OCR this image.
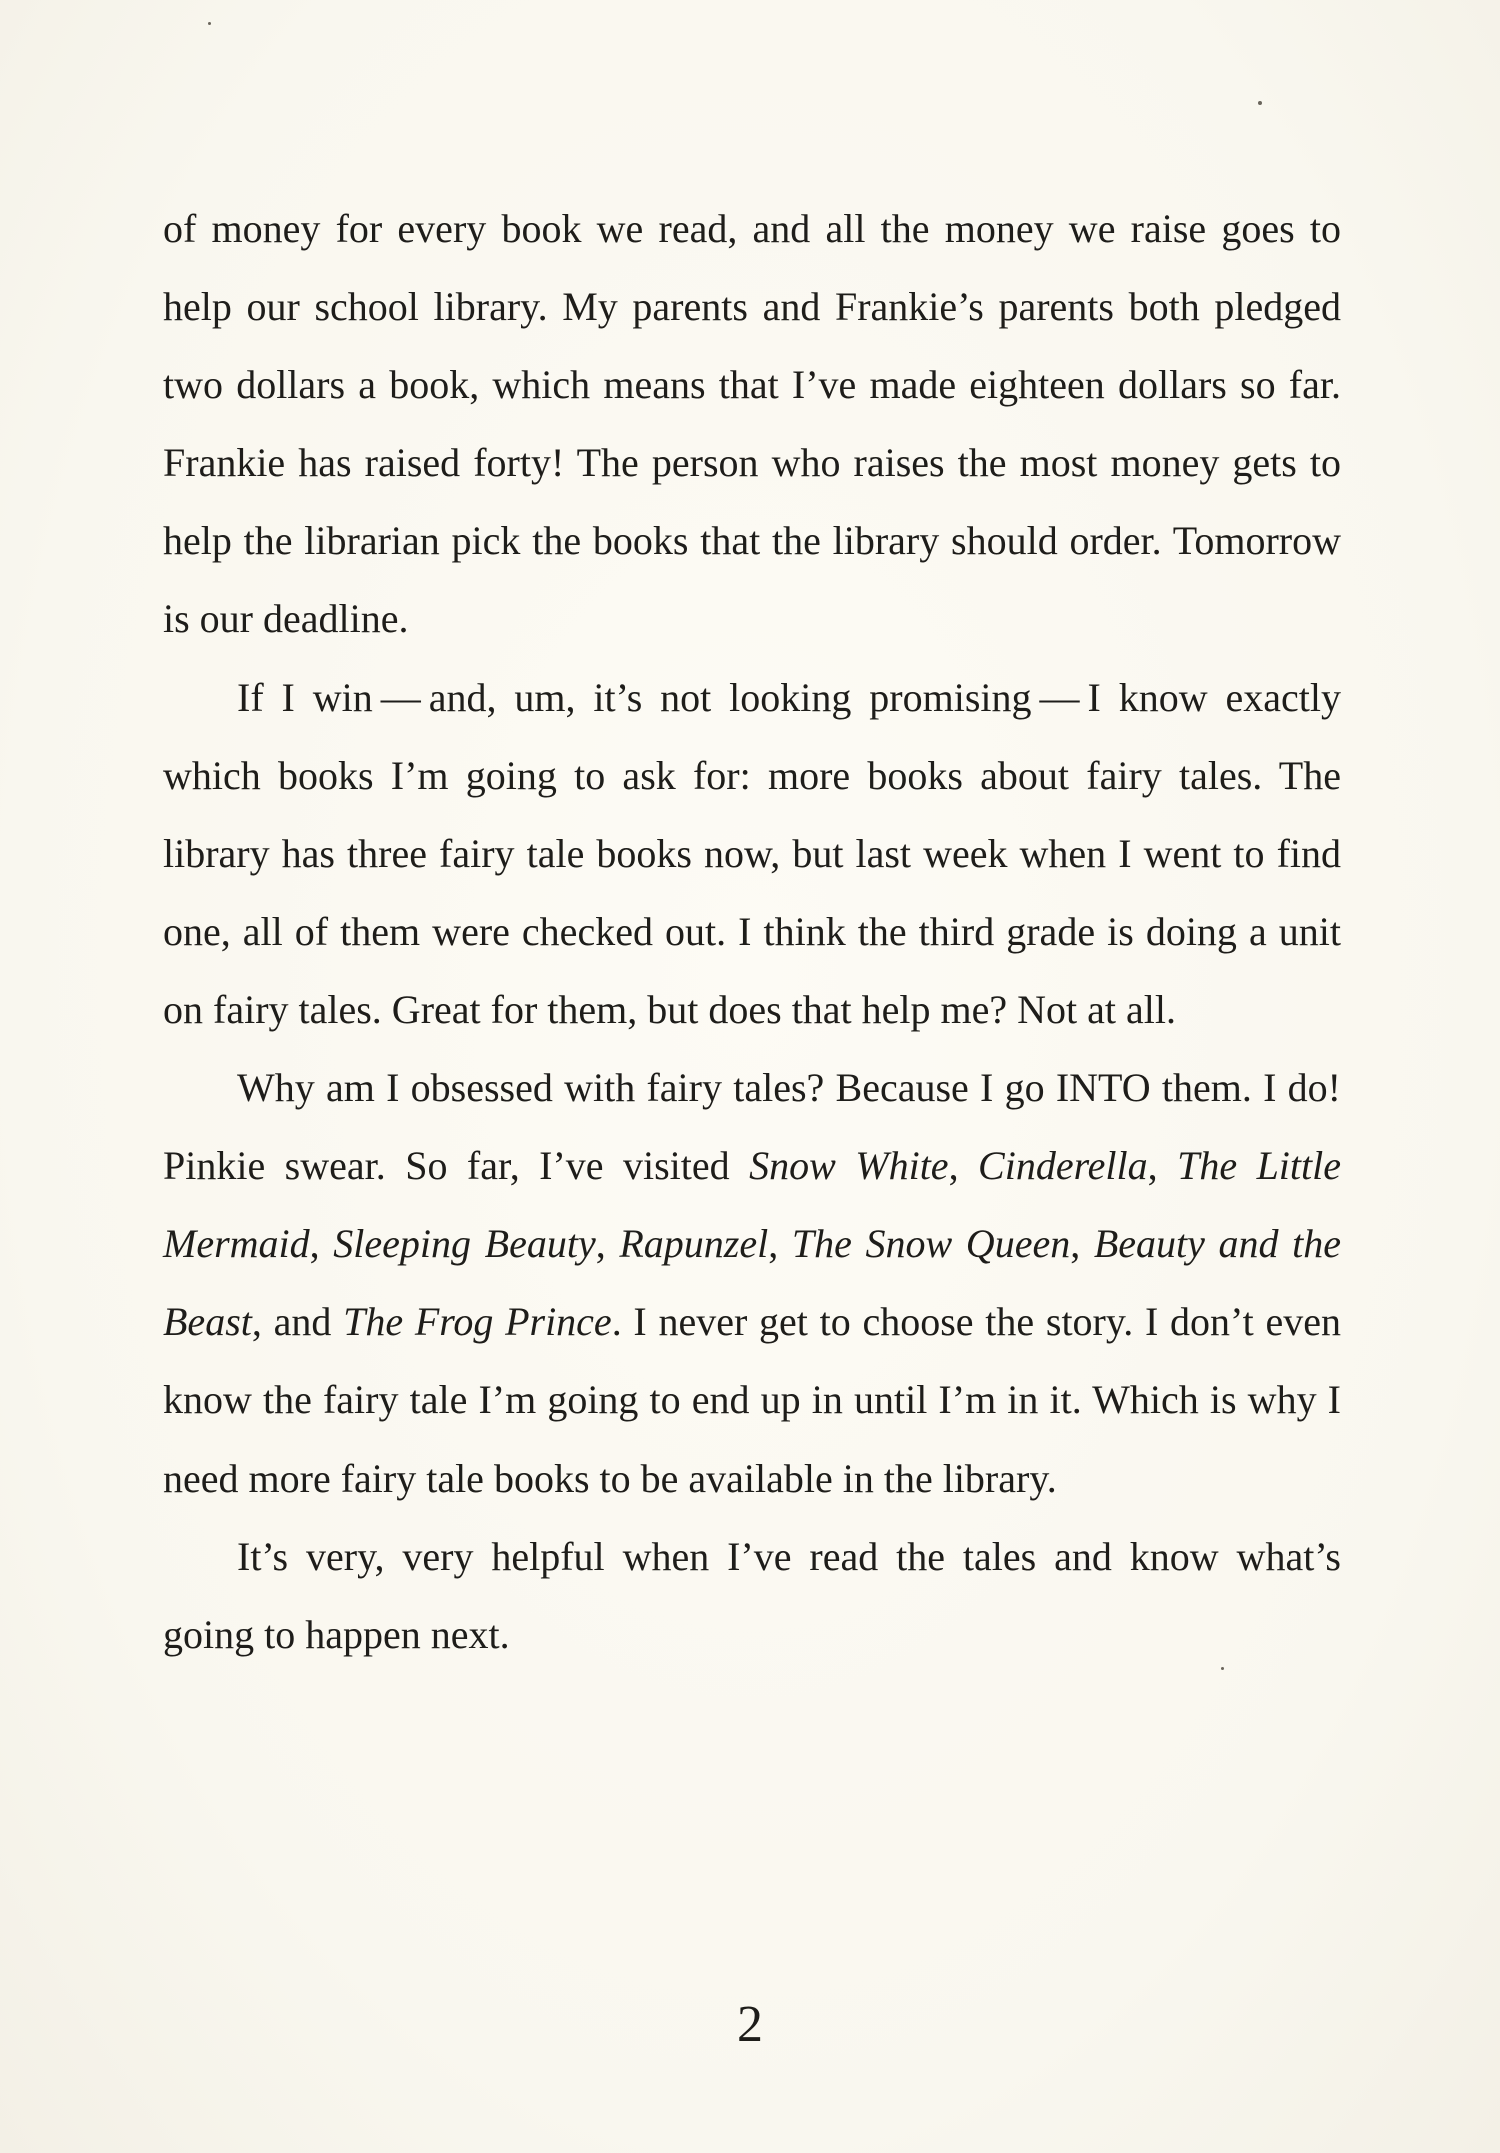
of money for every book we read, and all the money we raise goes to help our school library. My parents and Frankie’s parents both pledged two dollars a book, which means that I’ve made eighteen dollars so far. Frankie has raised forty! The person who raises the most money gets to help the librarian pick the books that the library should order. Tomorrow is our deadline.

If I win — and, um, it’s not looking promising — I know exactly which books I’m going to ask for: more books about fairy tales. The library has three fairy tale books now, but last week when I went to find one, all of them were checked out. I think the third grade is doing a unit on fairy tales. Great for them, but does that help me? Not at all.

Why am I obsessed with fairy tales? Because I go INTO them. I do! Pinkie swear. So far, I’ve visited Snow White, Cinderella, The Little Mermaid, Sleeping Beauty, Rapunzel, The Snow Queen, Beauty and the Beast, and The Frog Prince. I never get to choose the story. I don’t even know the fairy tale I’m going to end up in until I’m in it. Which is why I need more fairy tale books to be available in the library.

It’s very, very helpful when I’ve read the tales and know what’s going to happen next.

2
